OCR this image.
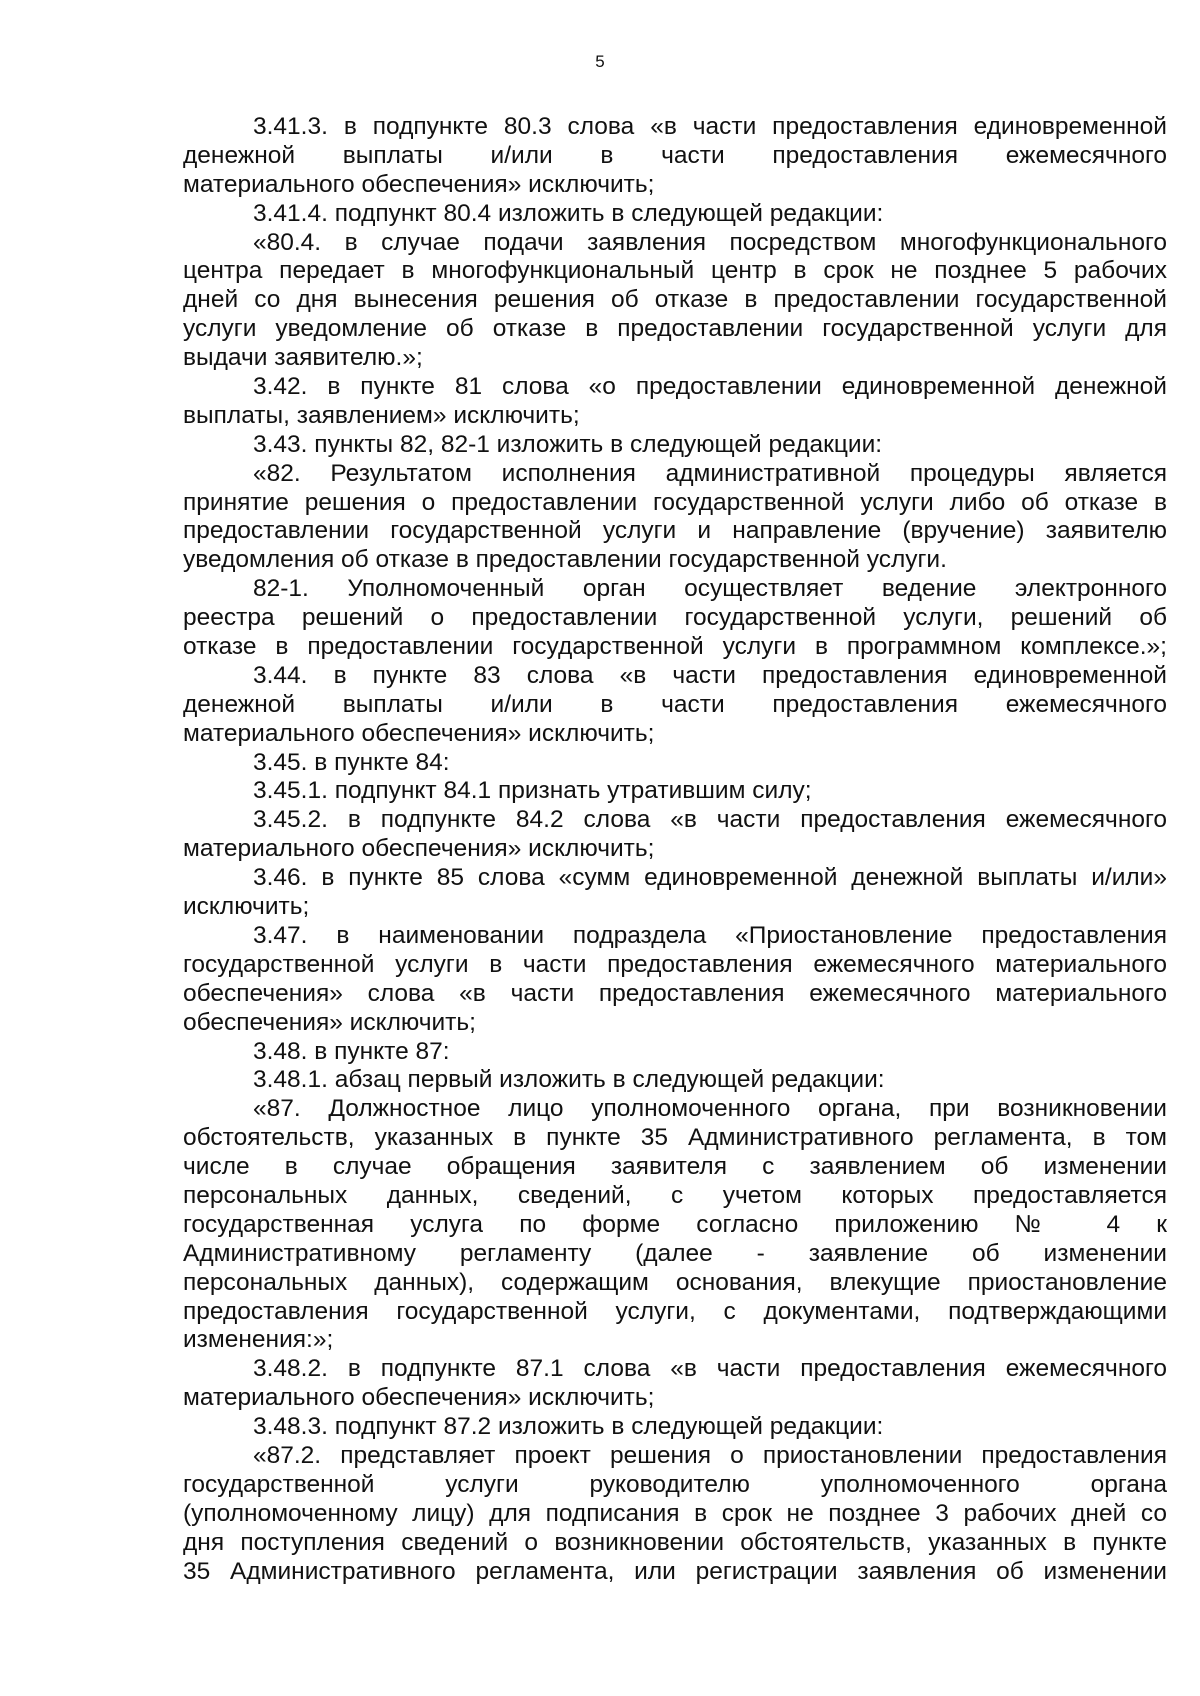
5
3.41.3. в подпункте 80.3 слова «в части предоставления единовременной
денежной выплаты и/или в части предоставления ежемесячного
материального обеспечения» исключить;
3.41.4. подпункт 80.4 изложить в следующей редакции:
«80.4. в случае подачи заявления посредством многофункционального
центра передает в многофункциональный центр в срок не позднее 5 рабочих
дней со дня вынесения решения об отказе в предоставлении государственной
услуги уведомление об отказе в предоставлении государственной услуги для
выдачи заявителю.»;
3.42. в пункте 81 слова «о предоставлении единовременной денежной
выплаты, заявлением» исключить;
3.43. пункты 82, 82-1 изложить в следующей редакции:
«82. Результатом исполнения административной процедуры является
принятие решения о предоставлении государственной услуги либо об отказе в
предоставлении государственной услуги и направление (вручение) заявителю
уведомления об отказе в предоставлении государственной услуги.
82-1. Уполномоченный орган осуществляет ведение электронного
реестра решений о предоставлении государственной услуги, решений об
отказе в предоставлении государственной услуги в программном комплексе.»;
3.44. в пункте 83 слова «в части предоставления единовременной
денежной выплаты и/или в части предоставления ежемесячного
материального обеспечения» исключить;
3.45. в пункте 84:
3.45.1. подпункт 84.1 признать утратившим силу;
3.45.2. в подпункте 84.2 слова «в части предоставления ежемесячного
материального обеспечения» исключить;
3.46. в пункте 85 слова «сумм единовременной денежной выплаты и/или»
исключить;
3.47. в наименовании подраздела «Приостановление предоставления
государственной услуги в части предоставления ежемесячного материального
обеспечения» слова «в части предоставления ежемесячного материального
обеспечения» исключить;
3.48. в пункте 87:
3.48.1. абзац первый изложить в следующей редакции:
«87. Должностное лицо уполномоченного органа, при возникновении
обстоятельств, указанных в пункте 35 Административного регламента, в том
числе в случае обращения заявителя с заявлением об изменении
персональных данных, сведений, с учетом которых предоставляется
государственная услуга по форме согласно приложению № 4 к
Административному регламенту (далее - заявление об изменении
персональных данных), содержащим основания, влекущие приостановление
предоставления государственной услуги, с документами, подтверждающими
изменения:»;
3.48.2. в подпункте 87.1 слова «в части предоставления ежемесячного
материального обеспечения» исключить;
3.48.3. подпункт 87.2 изложить в следующей редакции:
«87.2. представляет проект решения о приостановлении предоставления
государственной услуги руководителю уполномоченного органа
(уполномоченному лицу) для подписания в срок не позднее 3 рабочих дней со
дня поступления сведений о возникновении обстоятельств, указанных в пункте
35 Административного регламента, или регистрации заявления об изменении
